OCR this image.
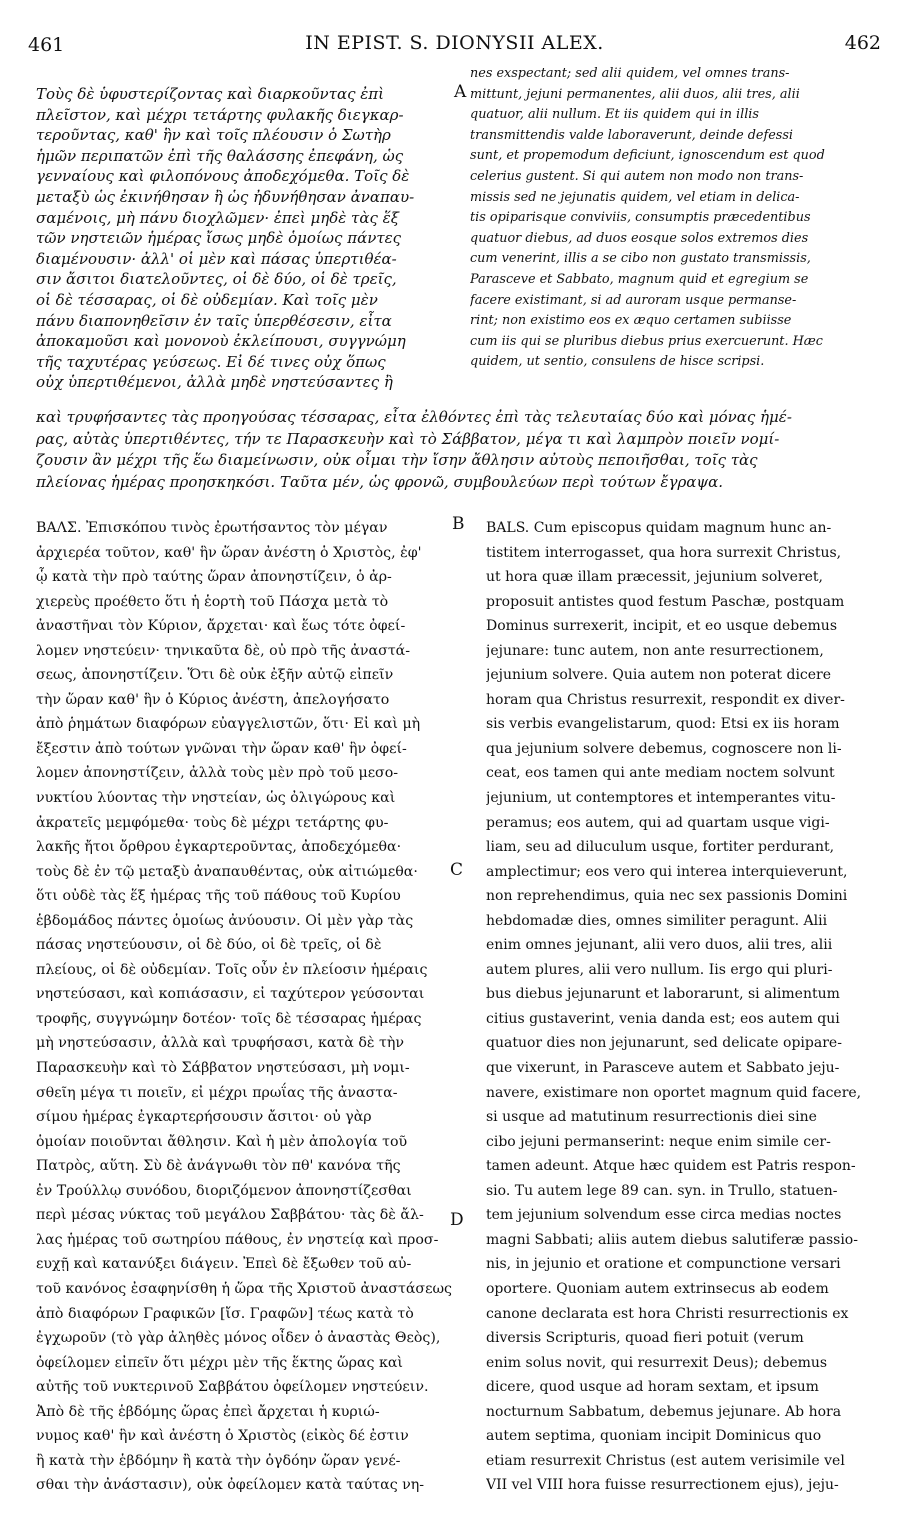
461	IN EPIST. S. DIONYSII ALEX.	462
A
B
C
D
Τοὺς δὲ ὑφυστερίζοντας καὶ διαρκοῦντας ἐπὶ
πλεῖστον, καὶ μέχρι τετάρτης φυλακῆς διεγκαρ-
τεροῦντας, καθ' ἣν καὶ τοῖς πλέουσιν ὁ Σωτὴρ
ἡμῶν περιπατῶν ἐπὶ τῆς θαλάσσης ἐπεφάνη, ὡς
γενναίους καὶ φιλοπόνους ἀποδεχόμεθα. Τοῖς δὲ
μεταξὺ ὡς ἐκινήθησαν ἢ ὡς ἠδυνήθησαν ἀναπαυ-
σαμένοις, μὴ πάνυ διοχλῶμεν· ἐπεὶ μηδὲ τὰς ἕξ
τῶν νηστειῶν ἡμέρας ἴσως μηδὲ ὁμοίως πάντες
διαμένουσιν· ἀλλ' οἱ μὲν καὶ πάσας ὑπερτιθέα-
σιν ἄσιτοι διατελοῦντες, οἱ δὲ δύο, οἱ δὲ τρεῖς,
οἱ δὲ τέσσαρας, οἱ δὲ οὐδεμίαν. Καὶ τοῖς μὲν
πάνυ διαπονηθεῖσιν ἐν ταῖς ὑπερθέσεσιν, εἶτα
ἀποκαμοῦσι καὶ μονονοὺ ἐκλείπουσι, συγγνώμη
τῆς ταχυτέρας γεύσεως. Εἰ δέ τινες οὐχ ὅπως
οὐχ ὑπερτιθέμενοι, ἀλλὰ μηδὲ νηστεύσαντες ἢ
nes exspectant; sed alii quidem, vel omnes trans-
mittunt, jejuni permanentes, alii duos, alii tres, alii
quatuor, alii nullum. Et iis quidem qui in illis
transmittendis valde laboraverunt, deinde defessi
sunt, et propemodum deficiunt, ignoscendum est quod
celerius gustent. Si qui autem non modo non trans-
missis sed ne jejunatis quidem, vel etiam in delica-
tis opiparisque conviviis, consumptis præcedentibus
quatuor diebus, ad duos eosque solos extremos dies
cum venerint, illis a se cibo non gustato transmissis,
Parasceve et Sabbato, magnum quid et egregium se
facere existimant, si ad auroram usque permanse-
rint; non existimo eos ex æquo certamen subiisse
cum iis qui se pluribus diebus prius exercuerunt. Hæc
quidem, ut sentio, consulens de hisce scripsi.
καὶ τρυφήσαντες τὰς προηγούσας τέσσαρας, εἶτα ἐλθόντες ἐπὶ τὰς τελευταίας δύο καὶ μόνας ἡμέ-
ρας, αὐτὰς ὑπερτιθέντες, τήν τε Παρασκευὴν καὶ τὸ Σάββατον, μέγα τι καὶ λαμπρὸν ποιεῖν νομί-
ζουσιν ἂν μέχρι τῆς ἕω διαμείνωσιν, οὐκ οἶμαι τὴν ἴσην ἄθλησιν αὐτοὺς πεποιῆσθαι, τοῖς τὰς
πλείονας ἡμέρας προησκηκόσι. Ταῦτα μέν, ὡς φρονῶ, συμβουλεύων περὶ τούτων ἔγραψα.
ΒΑΛΣ. Ἐπισκόπου τινὸς ἐρωτήσαντος τὸν μέγαν
ἀρχιερέα τοῦτον, καθ' ἣν ὥραν ἀνέστη ὁ Χριστὸς, ἐφ'
ᾧ κατὰ τὴν πρὸ ταύτης ὥραν ἀπονηστίζειν, ὁ ἀρ-
χιερεὺς προέθετο ὅτι ἡ ἑορτὴ τοῦ Πάσχα μετὰ τὸ
ἀναστῆναι τὸν Κύριον, ἄρχεται· καὶ ἕως τότε ὀφεί-
λομεν νηστεύειν· τηνικαῦτα δὲ, οὐ πρὸ τῆς ἀναστά-
σεως, ἀπονηστίζειν. Ὅτι δὲ οὐκ ἐξῆν αὐτῷ εἰπεῖν
τὴν ὥραν καθ' ἣν ὁ Κύριος ἀνέστη, ἀπελογήσατο
ἀπὸ ῥημάτων διαφόρων εὐαγγελιστῶν, ὅτι· Εἰ καὶ μὴ
ἔξεστιν ἀπὸ τούτων γνῶναι τὴν ὥραν καθ' ἣν ὀφεί-
λομεν ἀπονηστίζειν, ἀλλὰ τοὺς μὲν πρὸ τοῦ μεσο-
νυκτίου λύοντας τὴν νηστείαν, ὡς ὀλιγώρους καὶ
ἀκρατεῖς μεμφόμεθα· τοὺς δὲ μέχρι τετάρτης φυ-
λακῆς ἤτοι ὄρθρου ἐγκαρτεροῦντας, ἀποδεχόμεθα·
τοὺς δὲ ἐν τῷ μεταξὺ ἀναπαυθέντας, οὐκ αἰτιώμεθα·
ὅτι οὐδὲ τὰς ἕξ ἡμέρας τῆς τοῦ πάθους τοῦ Κυρίου
ἑβδομάδος πάντες ὁμοίως ἀνύουσιν. Οἱ μὲν γὰρ τὰς
πάσας νηστεύουσιν, οἱ δὲ δύο, οἱ δὲ τρεῖς, οἱ δὲ
πλείους, οἱ δὲ οὐδεμίαν. Τοῖς οὖν ἐν πλείοσιν ἡμέραις
νηστεύσασι, καὶ κοπιάσασιν, εἰ ταχύτερον γεύσονται
τροφῆς, συγγνώμην δοτέον· τοῖς δὲ τέσσαρας ἡμέρας
μὴ νηστεύσασιν, ἀλλὰ καὶ τρυφήσασι, κατὰ δὲ τὴν
Παρασκευὴν καὶ τὸ Σάββατον νηστεύσασι, μὴ νομι-
σθεῖη μέγα τι ποιεῖν, εἰ μέχρι πρωΐας τῆς ἀναστα-
σίμου ἡμέρας ἐγκαρτερήσουσιν ἄσιτοι· οὐ γὰρ
ὁμοίαν ποιοῦνται ἄθλησιν. Καὶ ἡ μὲν ἀπολογία τοῦ
Πατρὸς, αὕτη. Σὺ δὲ ἀνάγνωθι τὸν πθ' κανόνα τῆς
ἐν Τρούλλῳ συνόδου, διοριζόμενον ἀπονηστίζεσθαι
περὶ μέσας νύκτας τοῦ μεγάλου Σαββάτου· τὰς δὲ ἄλ-
λας ἡμέρας τοῦ σωτηρίου πάθους, ἐν νηστείᾳ καὶ προσ-
ευχῇ καὶ κατανύξει διάγειν. Ἐπεὶ δὲ ἔξωθεν τοῦ αὐ-
τοῦ κανόνος ἐσαφηνίσθη ἡ ὥρα τῆς Χριστοῦ ἀναστάσεως
ἀπὸ διαφόρων Γραφικῶν [ἴσ. Γραφῶν] τέως κατὰ τὸ
ἐγχωροῦν (τὸ γὰρ ἀληθὲς μόνος οἶδεν ὁ ἀναστὰς Θεὸς),
ὀφείλομεν εἰπεῖν ὅτι μέχρι μὲν τῆς ἕκτης ὥρας καὶ
αὐτῆς τοῦ νυκτερινοῦ Σαββάτου ὀφείλομεν νηστεύειν.
Ἀπὸ δὲ τῆς ἑβδόμης ὥρας ἐπεὶ ἄρχεται ἡ κυριώ-
νυμος καθ' ἣν καὶ ἀνέστη ὁ Χριστὸς (εἰκὸς δέ ἐστιν
ἢ κατὰ τὴν ἑβδόμην ἢ κατὰ τὴν ὀγδόην ὥραν γενέ-
σθαι τὴν ἀνάστασιν), οὐκ ὀφείλομεν κατὰ ταύτας νη-
BALS. Cum episcopus quidam magnum hunc an-
tistitem interrogasset, qua hora surrexit Christus,
ut hora quæ illam præcessit, jejunium solveret,
proposuit antistes quod festum Paschæ, postquam
Dominus surrexerit, incipit, et eo usque debemus
jejunare: tunc autem, non ante resurrectionem,
jejunium solvere. Quia autem non poterat dicere
horam qua Christus resurrexit, respondit ex diver-
sis verbis evangelistarum, quod: Etsi ex iis horam
qua jejunium solvere debemus, cognoscere non li-
ceat, eos tamen qui ante mediam noctem solvunt
jejunium, ut contemptores et intemperantes vitu-
peramus; eos autem, qui ad quartam usque vigi-
liam, seu ad diluculum usque, fortiter perdurant,
amplectimur; eos vero qui interea interquieverunt,
non reprehendimus, quia nec sex passionis Domini
hebdomadæ dies, omnes similiter peragunt. Alii
enim omnes jejunant, alii vero duos, alii tres, alii
autem plures, alii vero nullum. Iis ergo qui pluri-
bus diebus jejunarunt et laborarunt, si alimentum
citius gustaverint, venia danda est; eos autem qui
quatuor dies non jejunarunt, sed delicate opipare-
que vixerunt, in Parasceve autem et Sabbato jeju-
navere, existimare non oportet magnum quid facere,
si usque ad matutinum resurrectionis diei sine
cibo jejuni permanserint: neque enim simile cer-
tamen adeunt. Atque hæc quidem est Patris respon-
sio. Tu autem lege 89 can. syn. in Trullo, statuen-
tem jejunium solvendum esse circa medias noctes
magni Sabbati; aliis autem diebus salutiferæ passio-
nis, in jejunio et oratione et compunctione versari
oportere. Quoniam autem extrinsecus ab eodem
canone declarata est hora Christi resurrectionis ex
diversis Scripturis, quoad fieri potuit (verum
enim solus novit, qui resurrexit Deus); debemus
dicere, quod usque ad horam sextam, et ipsum
nocturnum Sabbatum, debemus jejunare. Ab hora
autem septima, quoniam incipit Dominicus quo
etiam resurrexit Christus (est autem verisimile vel
VII vel VIII hora fuisse resurrectionem ejus), jeju-
